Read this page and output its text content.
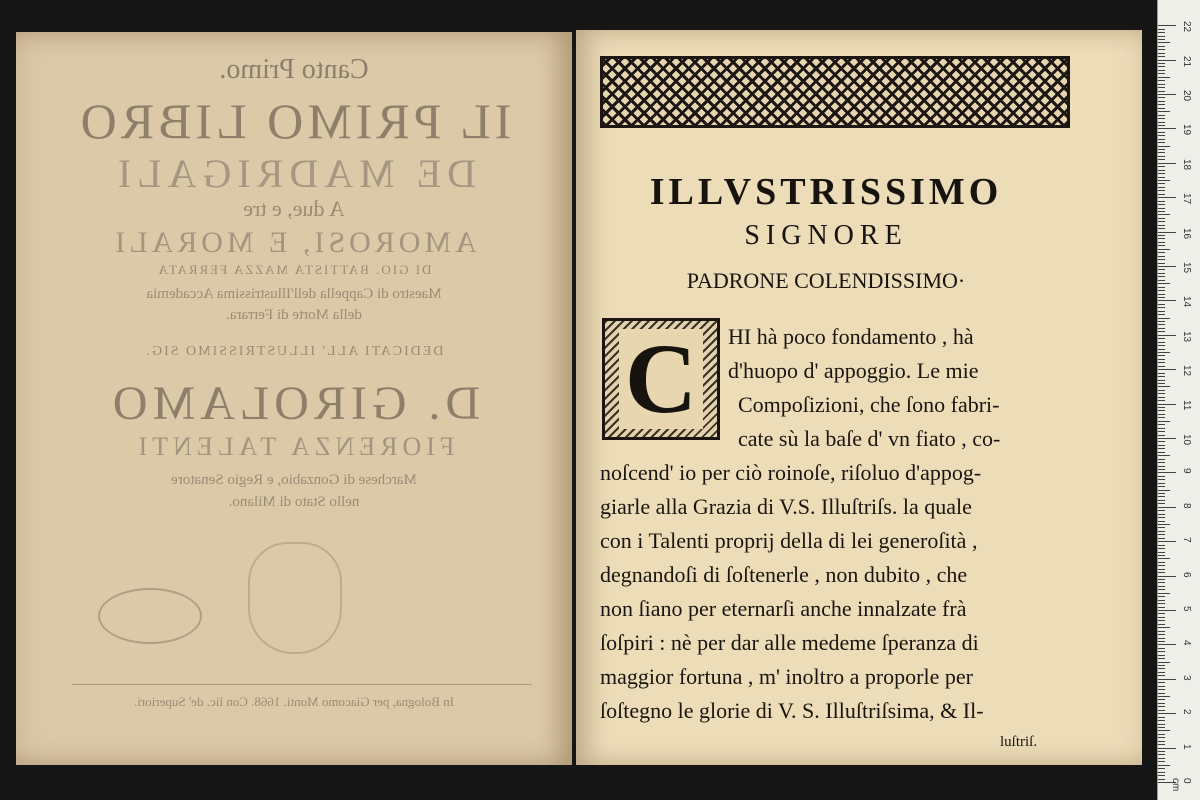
Canto Primo.
IL PRIMO LIBRO
DE MADRIGALI
A due, e tre
AMOROSI, E MORALI
DI GIO. BATTISTA MAZZA FERRATA
Maestro di Cappella dell'Illustrissima Accademia
della Morte di Ferrara.
DEDICATI ALL' ILLUSTRISSIMO SIG.
D. GIROLAMO
FIORENZA TALENTI
Marchese di Gonzabio, e Regio Senatore
nello Stato di Milano.
In Bologna, per Giacomo Monti. 1668. Con lic. de' Superiori.
ILLVSTRISSIMO
SIGNORE
PADRONE COLENDISSIMO·
C HI hà poco fondamento , hà
d'huopo d' appoggio. Le mie
Compoſizioni, che ſono fabri-
cate sù la baſe d' vn fiato , co-
noſcend' io per ciò roinoſe, riſoluo d'appog-
giarle alla Grazia di V.S. Illuſtriſs. la quale
con i Talenti proprij della di lei generoſità ,
degnandoſi di ſoſtenerle , non dubito , che
non ſiano per eternarſi anche innalzate frà
ſoſpiri : nè per dar alle medeme ſperanza di
maggior fortuna , m' inoltro a proporle per
ſoſtegno le glorie di V. S. Illuſtriſsima, & Il-
luſtriſ.
0 cm
1
2
3
4
5
6
7
8
9
10
11
12
13
14
15
16
17
18
19
20
21
22
